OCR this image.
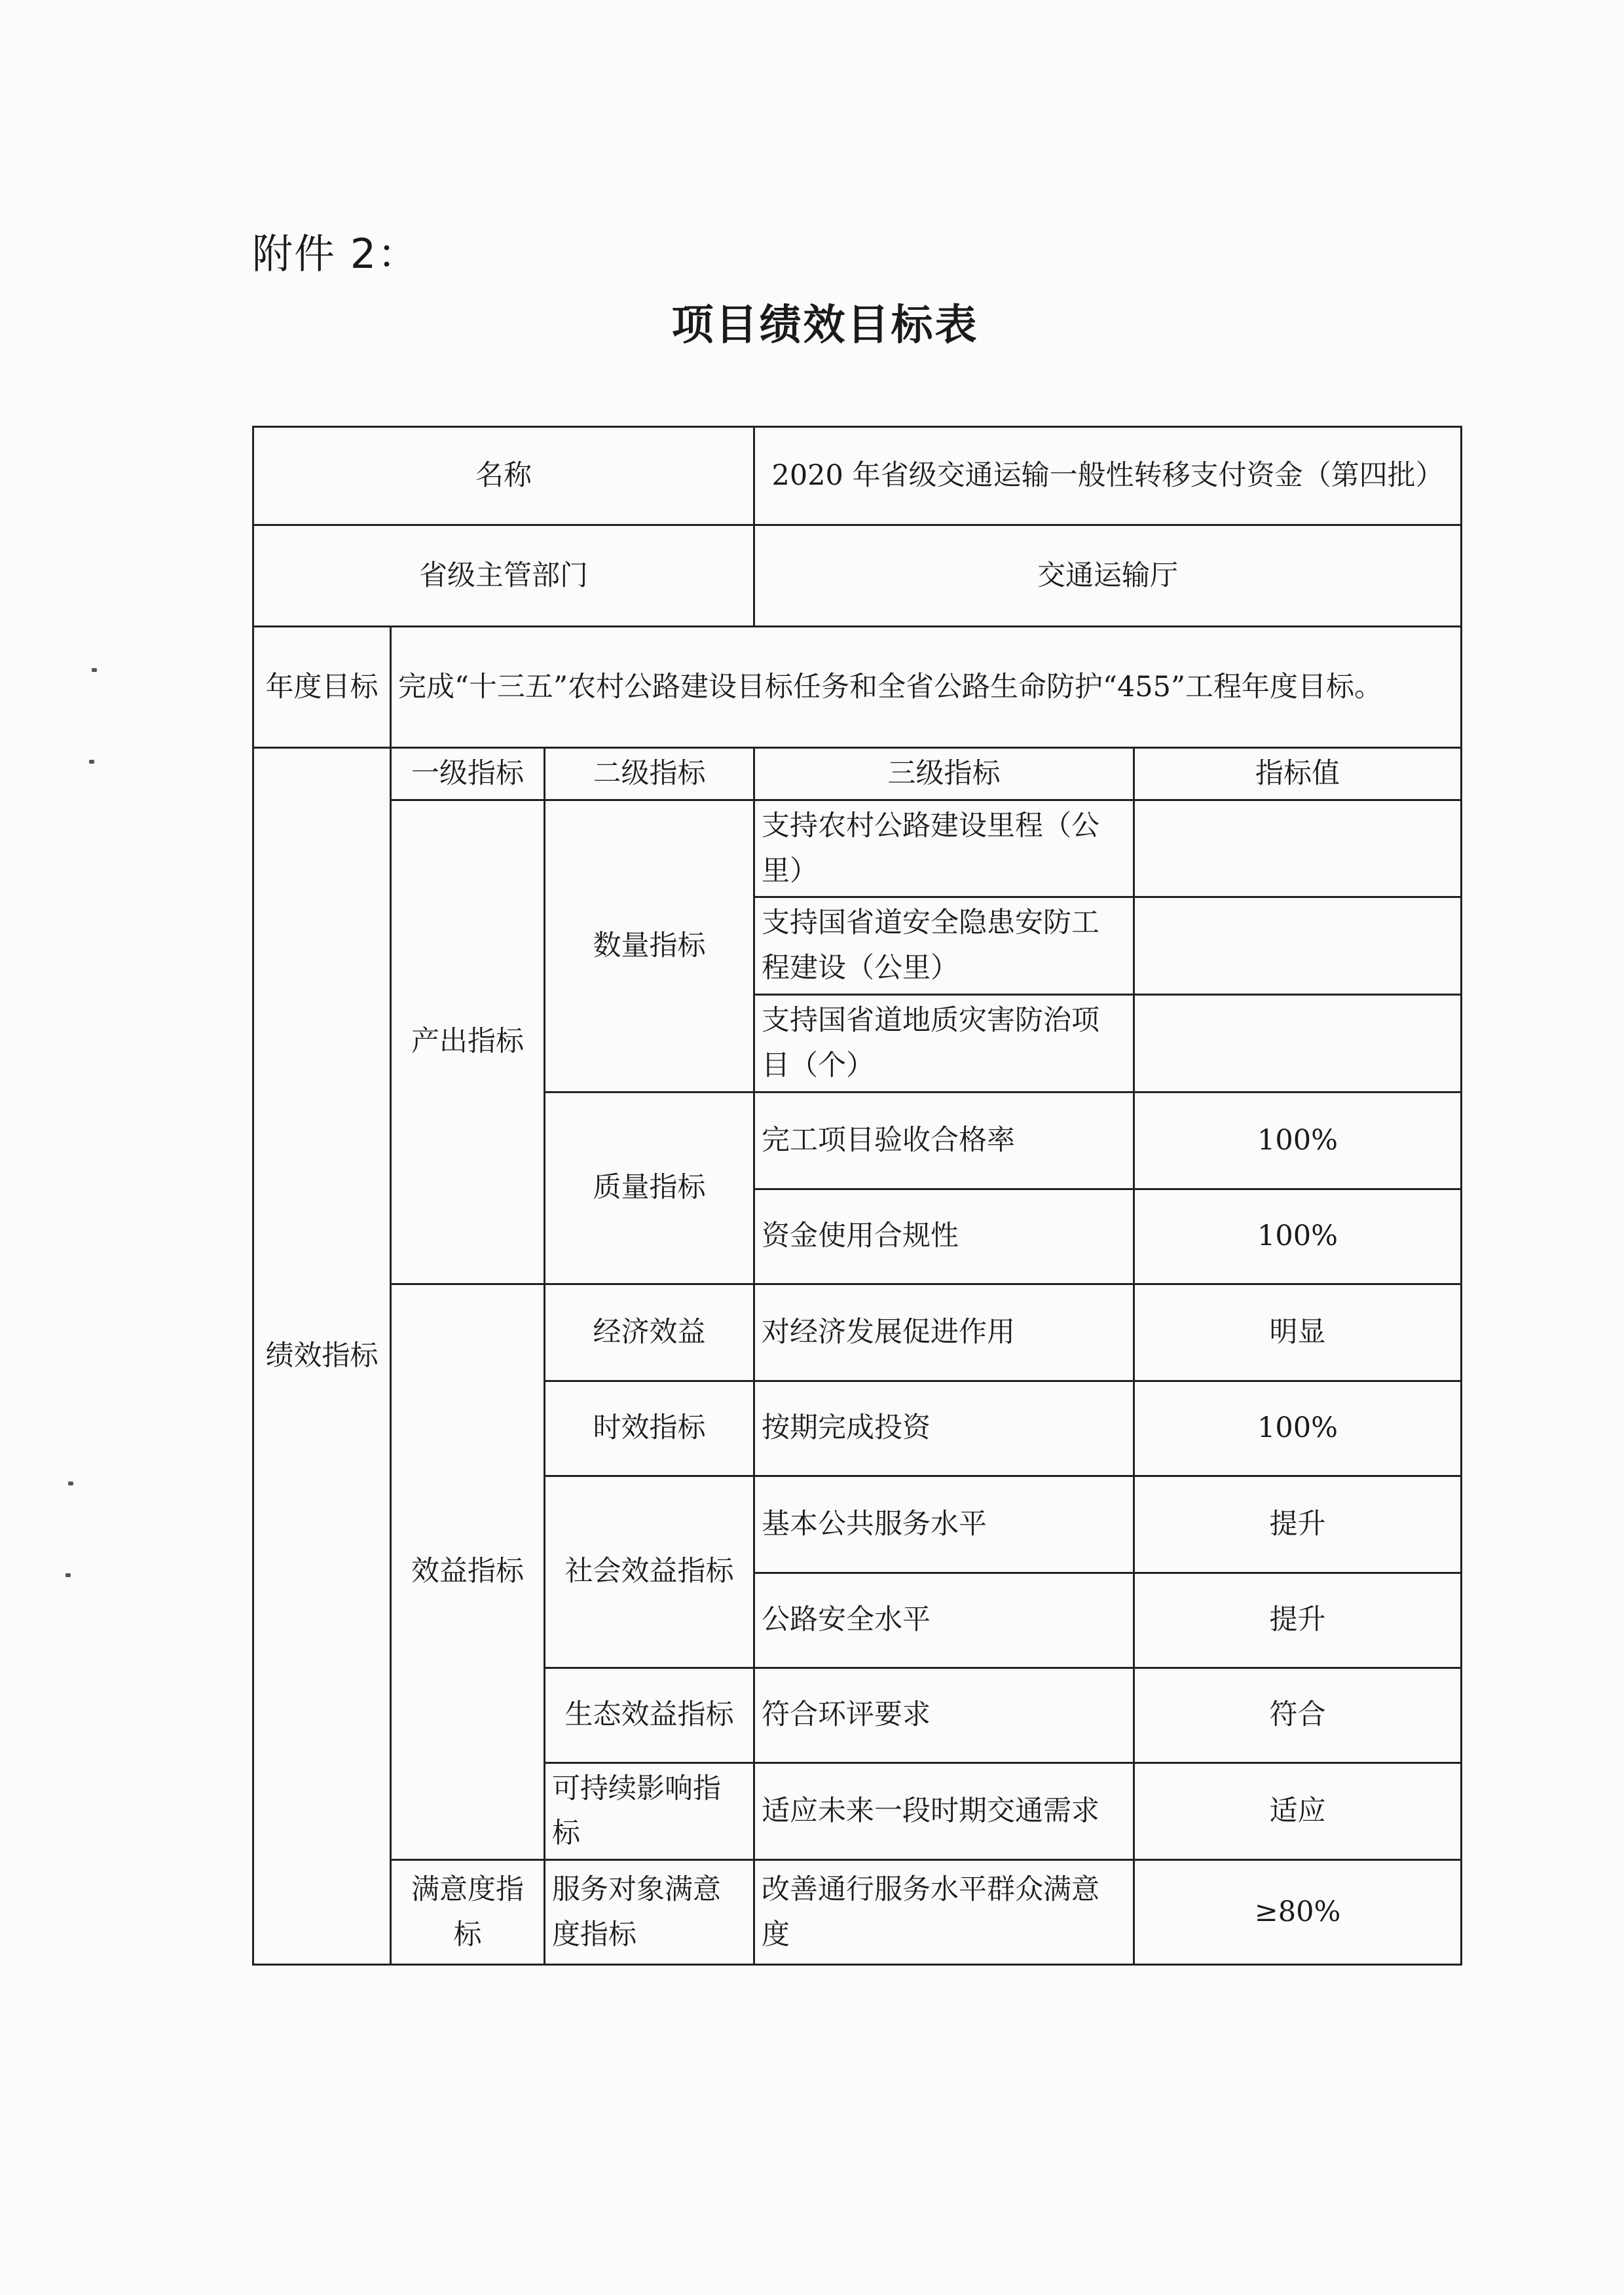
附件 2：
项目绩效目标表
名称			2020 年省级交通运输一般性转移支付资金（第四批）	
省级主管部门			交通运输厅	
年度目标	完成“十三五”农村公路建设目标任务和全省公路生命防护“455”工程年度目标。			
绩效指标	一级指标	二级指标	三级指标	指标值
	产出指标	数量指标	支持农村公路建设里程（公里）	
			支持国省道安全隐患安防工程建设（公里）	
			支持国省道地质灾害防治项目（个）	
		质量指标	完工项目验收合格率	100%
			资金使用合规性	100%
	效益指标	经济效益	对经济发展促进作用	明显
		时效指标	按期完成投资	100%
		社会效益指标	基本公共服务水平	提升
			公路安全水平	提升
		生态效益指标	符合环评要求	符合
		可持续影响指标	适应未来一段时期交通需求	适应
	满意度指标	服务对象满意度指标	改善通行服务水平群众满意度	≥80%
